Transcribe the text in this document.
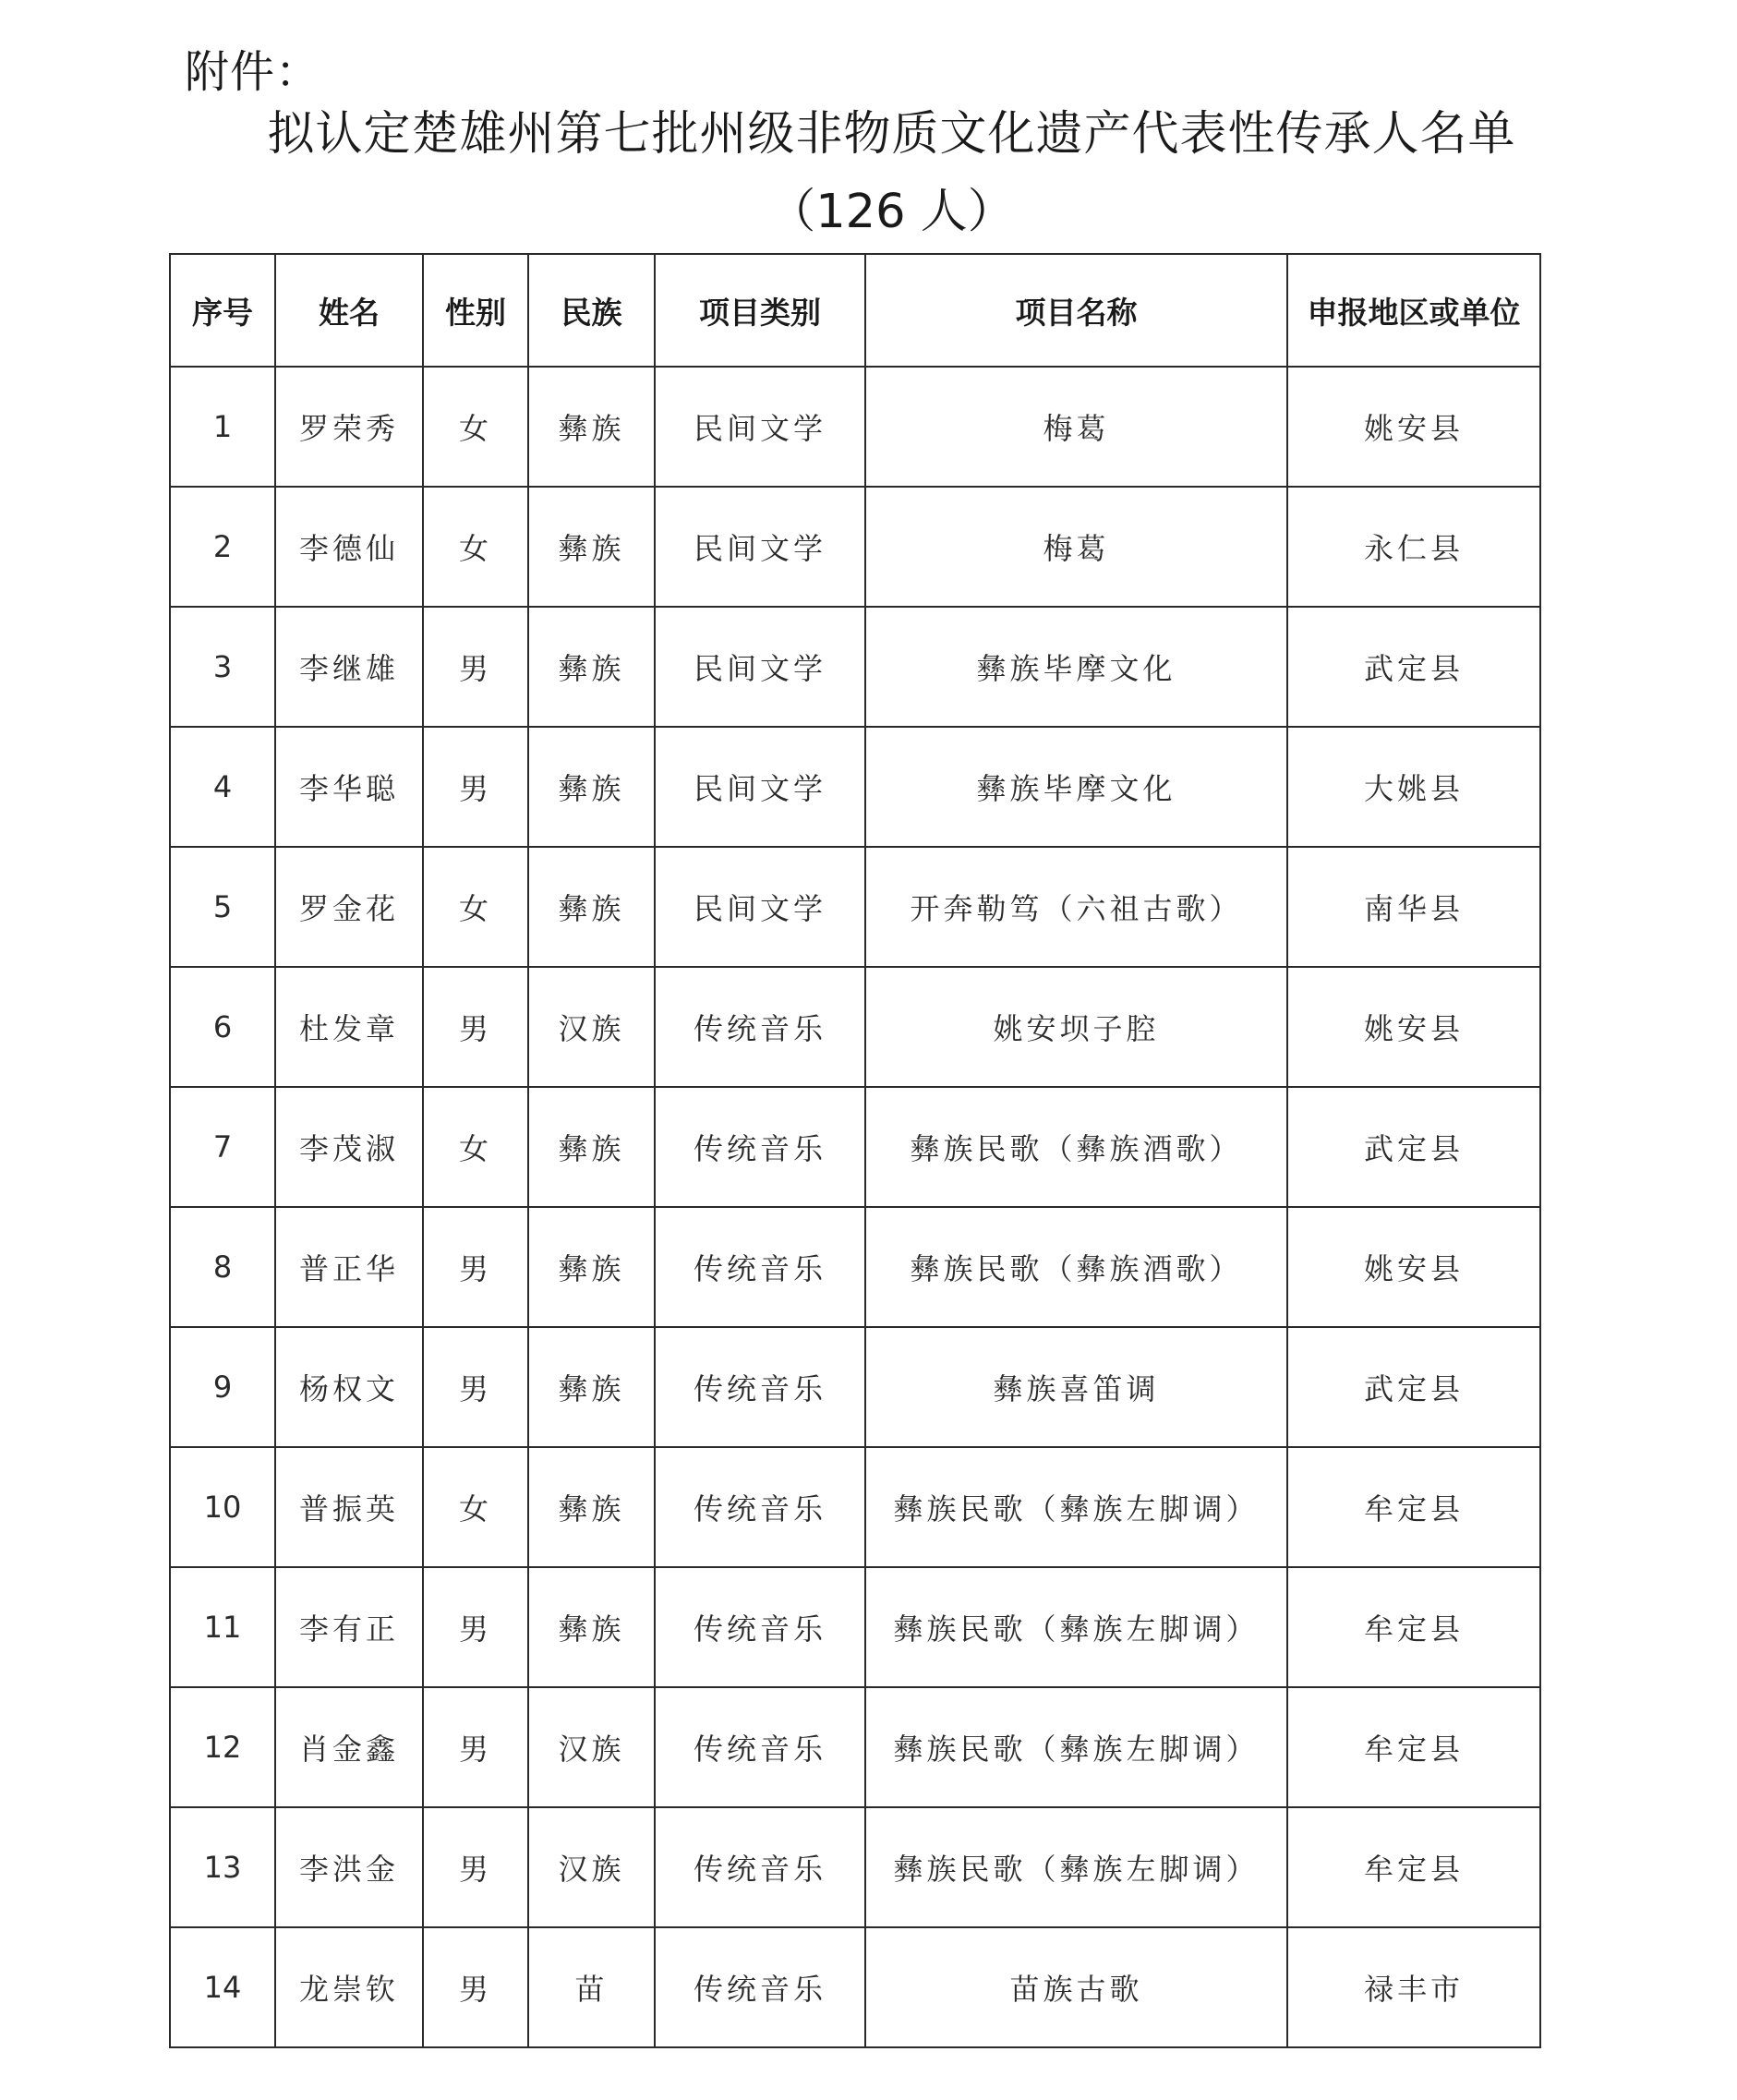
附件：
拟认定楚雄州第七批州级非物质文化遗产代表性传承人名单
（126 人）
序号	姓名	性别	民族	项目类别	项目名称	申报地区或单位
1	罗荣秀	女	彝族	民间文学	梅葛	姚安县
2	李德仙	女	彝族	民间文学	梅葛	永仁县
3	李继雄	男	彝族	民间文学	彝族毕摩文化	武定县
4	李华聪	男	彝族	民间文学	彝族毕摩文化	大姚县
5	罗金花	女	彝族	民间文学	开奔勒笃（六祖古歌）	南华县
6	杜发章	男	汉族	传统音乐	姚安坝子腔	姚安县
7	李茂淑	女	彝族	传统音乐	彝族民歌（彝族酒歌）	武定县
8	普正华	男	彝族	传统音乐	彝族民歌（彝族酒歌）	姚安县
9	杨权文	男	彝族	传统音乐	彝族喜笛调	武定县
10	普振英	女	彝族	传统音乐	彝族民歌（彝族左脚调）	牟定县
11	李有正	男	彝族	传统音乐	彝族民歌（彝族左脚调）	牟定县
12	肖金鑫	男	汉族	传统音乐	彝族民歌（彝族左脚调）	牟定县
13	李洪金	男	汉族	传统音乐	彝族民歌（彝族左脚调）	牟定县
14	龙崇钦	男	苗	传统音乐	苗族古歌	禄丰市
